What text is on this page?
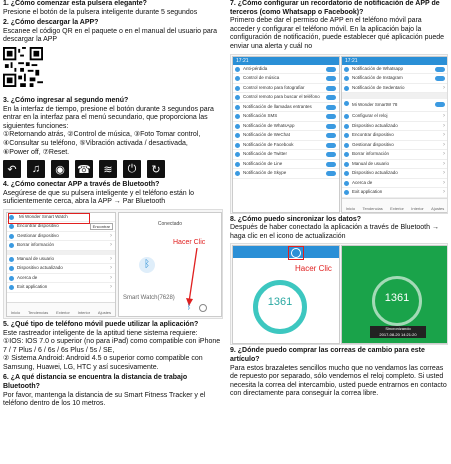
1. ¿Cómo comenzar esta pulsera elegante?

Presione el botón de la pulsera inteligente durante 5 segundos

2. ¿Cómo descargar la APP?

Escanee el código QR en el paquete o en el manual del usuario para descargar la APP

3. ¿Cómo ingresar al segundo menú?

En la interfaz de tiempo, presione el botón durante 3 segundos para entrar en la interfaz para el menú secundario, que proporciona las siguientes funciones:

①Retornando atrás, ②Control de música, ③Foto Tomar control,

④Consultar su teléfono, ⑤Vibración activada / desactivada,

⑥Power off, ⑦Reset.

↶	♫	◉	☎	≋	⏻	↻

4. ¿Cómo conectar APP a través de Bluetooth?

Asegúrese de que su pulsera inteligente y el teléfono están lo suficientemente cerca, abra la APP → Par Bluetooth

Mi Wonder Smart Watch
Encontrar dispositivo	Encontrar
Gestionar dispositivo	›
Borrar información	›
Manual de usuario	›
Dispositivo actualizado	›
Acerca de	›
Exit application	›
Inicio Tendencias Exterior Interior Ajustes
Conectado
Hacer Clic
ᛒ
Smart Watch(7628)
ᛒ

5. ¿Qué tipo de teléfono móvil puede utilizar la aplicación?

Este rastreador inteligente de la aptitud tiene sistema requiere:

①IOS: IOS 7.0 o superior (no para iPad) como compatible con iPhone 7 / 7 Plus / 6 / 6s / 6s Plus / 5s / SE,

② Sistema Android: Android 4.5 o superior como compatible con Samsung, Huawei, LG, HTC y así sucesivamente.

6. ¿A qué distancia se encuentra la distancia de trabajo Bluetooth?

Por favor, mantenga la distancia de su Smart Fitness Tracker y el teléfono dentro de los 10 metros.

7. ¿Cómo configurar un recordatorio de notificación de APP de terceros (como Whatsapp o Facebook)?

Primero debe dar el permiso de APP en el teléfono móvil para acceder y configurar el teléfono móvil. En la aplicación bajo la configuración de notificación, puede establecer qué aplicación puede enviar una alerta y cuál no

17:21
Anti-pérdida
Control de música
Control remoto para fotografiar
Control remoto para buscar el teléfono
Notificación de llamadas entrantes
Notificación SMS
Notificación de WhatsApp
Notificación de WeChat
Notificación de Facebook
Notificación de Twitter
Notificación de Line
Notificación de Skype
17:21
Notificación de Whatsapp
Notificación de Instagram
Notificación de Sedentario	›
Mi Wonder SmartW 78
Configurar el reloj	›
Dispositivo actualizado	›
Encontrar dispositivo	›
Gestionar dispositivo	›
Borrar información	›
Manual de usuario	›
Dispositivo actualizado	›
Acerca de	›
Exit application	›
Inicio Tendencias Exterior Interior Ajustes

8. ¿Cómo puedo sincronizar los datos?

Después de haber conectado la aplicación a través de Bluetooth → haga clic en el icono de actualización

Hacer Clic
1361	1361
Sincronizando
2017-08-20 14:21:20

9. ¿Dónde puedo comprar las correas de cambio para este artículo?

Para estos brazaletes sencillos mucho que no vendamos las correas de repuesto por separado, sólo vendemos el reloj completo. Si usted necesita la correa del intercambio, usted puede entrarnos en contacto con directamente para conseguir la correa libre.
